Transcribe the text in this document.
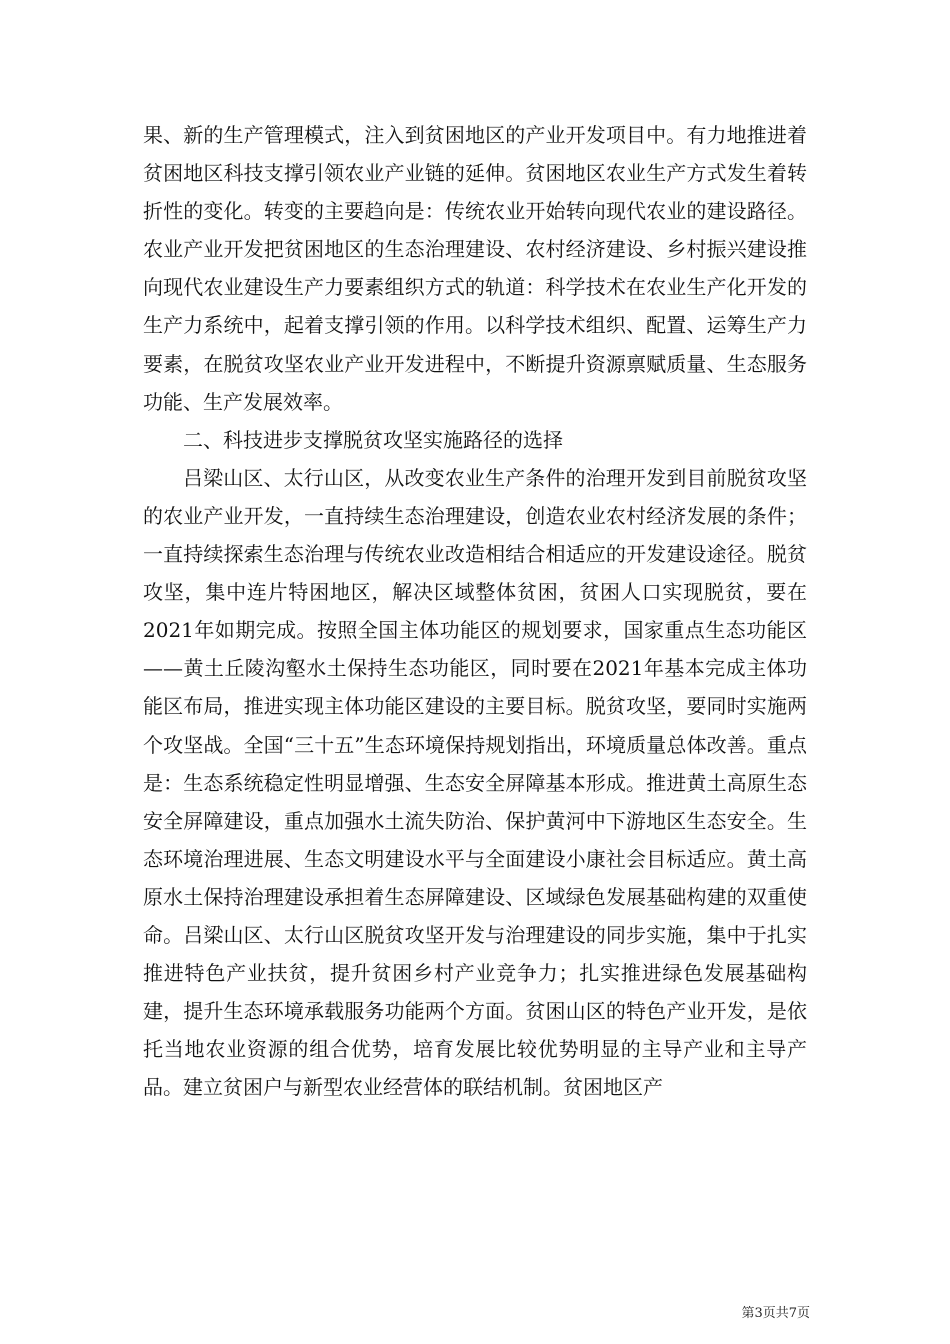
果、新的生产管理模式，注入到贫困地区的产业开发项目中。有力地推进着贫困地区科技支撑引领农业产业链的延伸。贫困地区农业生产方式发生着转折性的变化。转变的主要趋向是：传统农业开始转向现代农业的建设路径。农业产业开发把贫困地区的生态治理建设、农村经济建设、乡村振兴建设推向现代农业建设生产力要素组织方式的轨道：科学技术在农业生产化开发的生产力系统中，起着支撑引领的作用。以科学技术组织、配置、运筹生产力要素，在脱贫攻坚农业产业开发进程中，不断提升资源禀赋质量、生态服务功能、生产发展效率。

二、科技进步支撑脱贫攻坚实施路径的选择

吕梁山区、太行山区，从改变农业生产条件的治理开发到目前脱贫攻坚的农业产业开发，一直持续生态治理建设，创造农业农村经济发展的条件；一直持续探索生态治理与传统农业改造相结合相适应的开发建设途径。脱贫攻坚，集中连片特困地区，解决区域整体贫困，贫困人口实现脱贫，要在2021年如期完成。按照全国主体功能区的规划要求，国家重点生态功能区——黄土丘陵沟壑水土保持生态功能区，同时要在2021年基本完成主体功能区布局，推进实现主体功能区建设的主要目标。脱贫攻坚，要同时实施两个攻坚战。全国“三十五”生态环境保持规划指出，环境质量总体改善。重点是：生态系统稳定性明显增强、生态安全屏障基本形成。推进黄土高原生态安全屏障建设，重点加强水土流失防治、保护黄河中下游地区生态安全。生态环境治理进展、生态文明建设水平与全面建设小康社会目标适应。黄土高原水土保持治理建设承担着生态屏障建设、区域绿色发展基础构建的双重使命。吕梁山区、太行山区脱贫攻坚开发与治理建设的同步实施，集中于扎实推进特色产业扶贫，提升贫困乡村产业竞争力；扎实推进绿色发展基础构建，提升生态环境承载服务功能两个方面。贫困山区的特色产业开发，是依托当地农业资源的组合优势，培育发展比较优势明显的主导产业和主导产品。建立贫困户与新型农业经营体的联结机制。贫困地区产

第3页共7页
